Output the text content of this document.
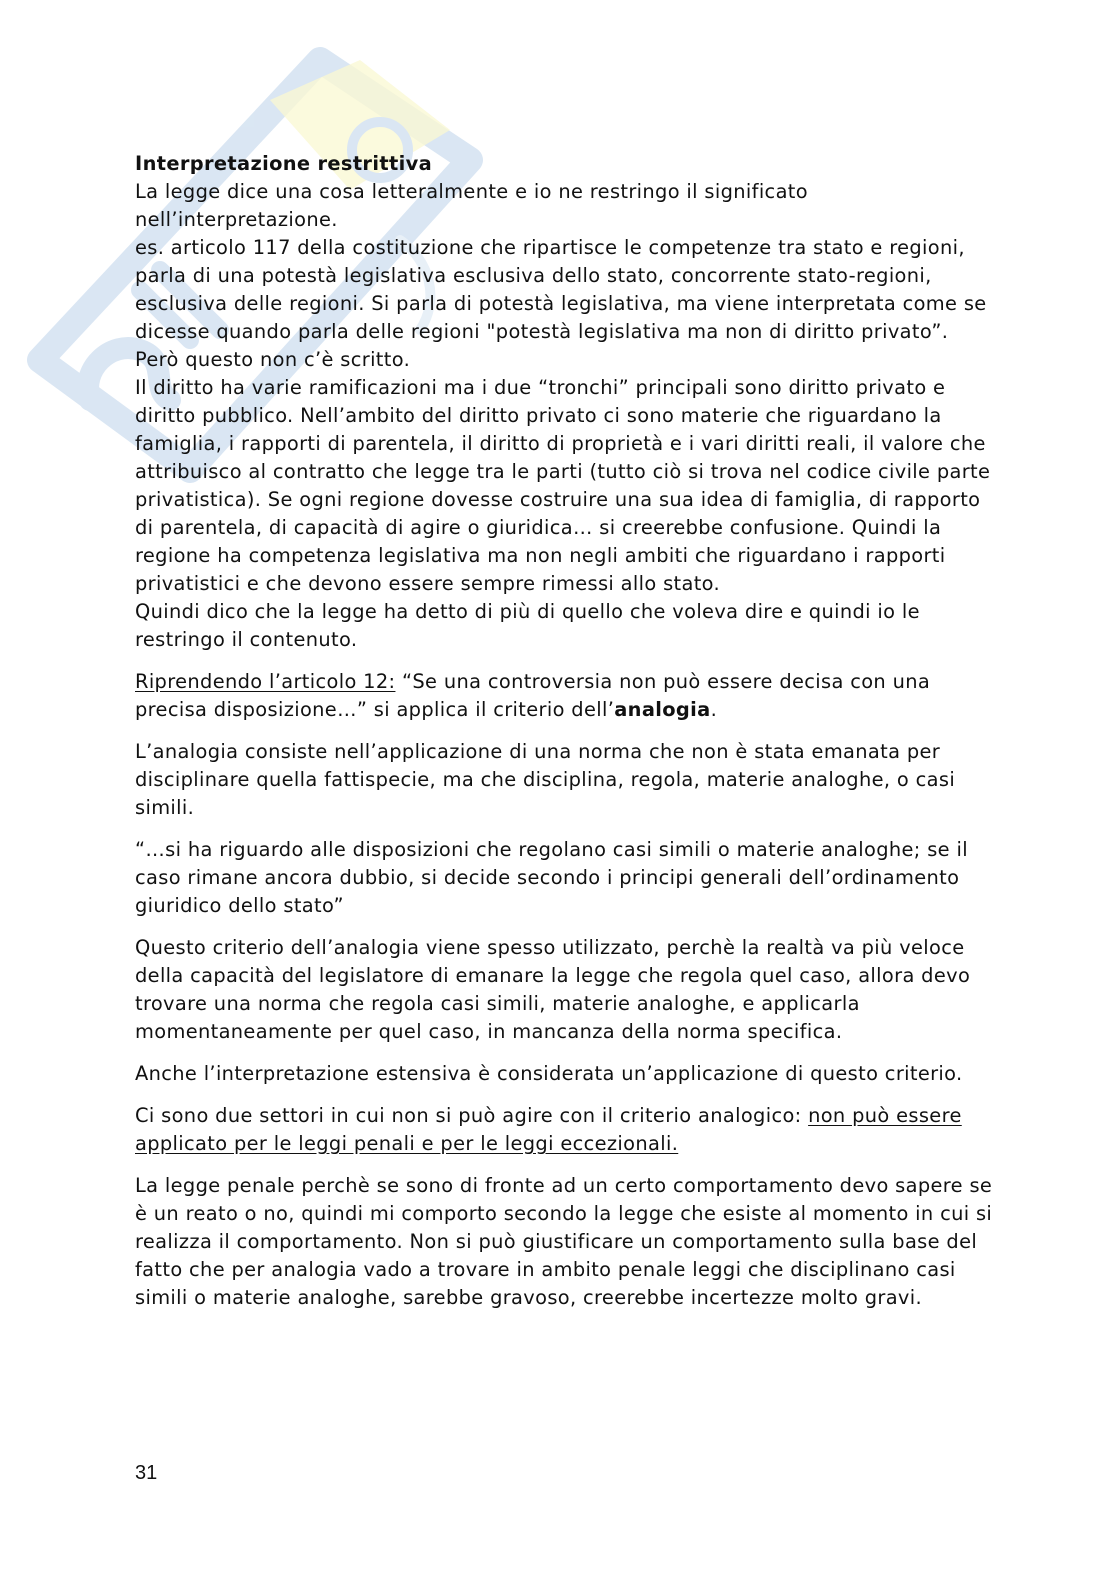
Interpretazione restrittiva

La legge dice una cosa letteralmente e io ne restringo il significato nell’interpretazione.

es. articolo 117 della costituzione che ripartisce le competenze tra stato e regioni, parla di una potestà legislativa esclusiva dello stato, concorrente stato-regioni, esclusiva delle regioni. Si parla di potestà legislativa, ma viene interpretata come se dicesse quando parla delle regioni "potestà legislativa ma non di diritto privato”. Però questo non c’è scritto.

Il diritto ha varie ramificazioni ma i due “tronchi” principali sono diritto privato e diritto pubblico. Nell’ambito del diritto privato ci sono materie che riguardano la famiglia, i rapporti di parentela, il diritto di proprietà e i vari diritti reali, il valore che attribuisco al contratto che legge tra le parti (tutto ciò si trova nel codice civile parte privatistica). Se ogni regione dovesse costruire una sua idea di famiglia, di rapporto di parentela, di capacità di agire o giuridica… si creerebbe confusione. Quindi la regione ha competenza legislativa ma non negli ambiti che riguardano i rapporti privatistici e che devono essere sempre rimessi allo stato.

Quindi dico che la legge ha detto di più di quello che voleva dire e quindi io le restringo il contenuto.

Riprendendo l’articolo 12: “Se una controversia non può essere decisa con una precisa disposizione…” si applica il criterio dell’analogia.

L’analogia consiste nell’applicazione di una norma che non è stata emanata per disciplinare quella fattispecie, ma che disciplina, regola, materie analoghe, o casi simili.

“…si ha riguardo alle disposizioni che regolano casi simili o materie analoghe; se il caso rimane ancora dubbio, si decide secondo i principi generali dell’ordinamento giuridico dello stato”

Questo criterio dell’analogia viene spesso utilizzato, perchè la realtà va più veloce della capacità del legislatore di emanare la legge che regola quel caso, allora devo trovare una norma che regola casi simili, materie analoghe, e applicarla momentaneamente per quel caso, in mancanza della norma specifica.

Anche l’interpretazione estensiva è considerata un’applicazione di questo criterio.

Ci sono due settori in cui non si può agire con il criterio analogico: non può essere applicato per le leggi penali e per le leggi eccezionali.

La legge penale perchè se sono di fronte ad un certo comportamento devo sapere se è un reato o no, quindi mi comporto secondo la legge che esiste al momento in cui si realizza il comportamento. Non si può giustificare un comportamento sulla base del fatto che per analogia vado a trovare in ambito penale leggi che disciplinano casi simili o materie analoghe, sarebbe gravoso, creerebbe incertezze molto gravi.

31
